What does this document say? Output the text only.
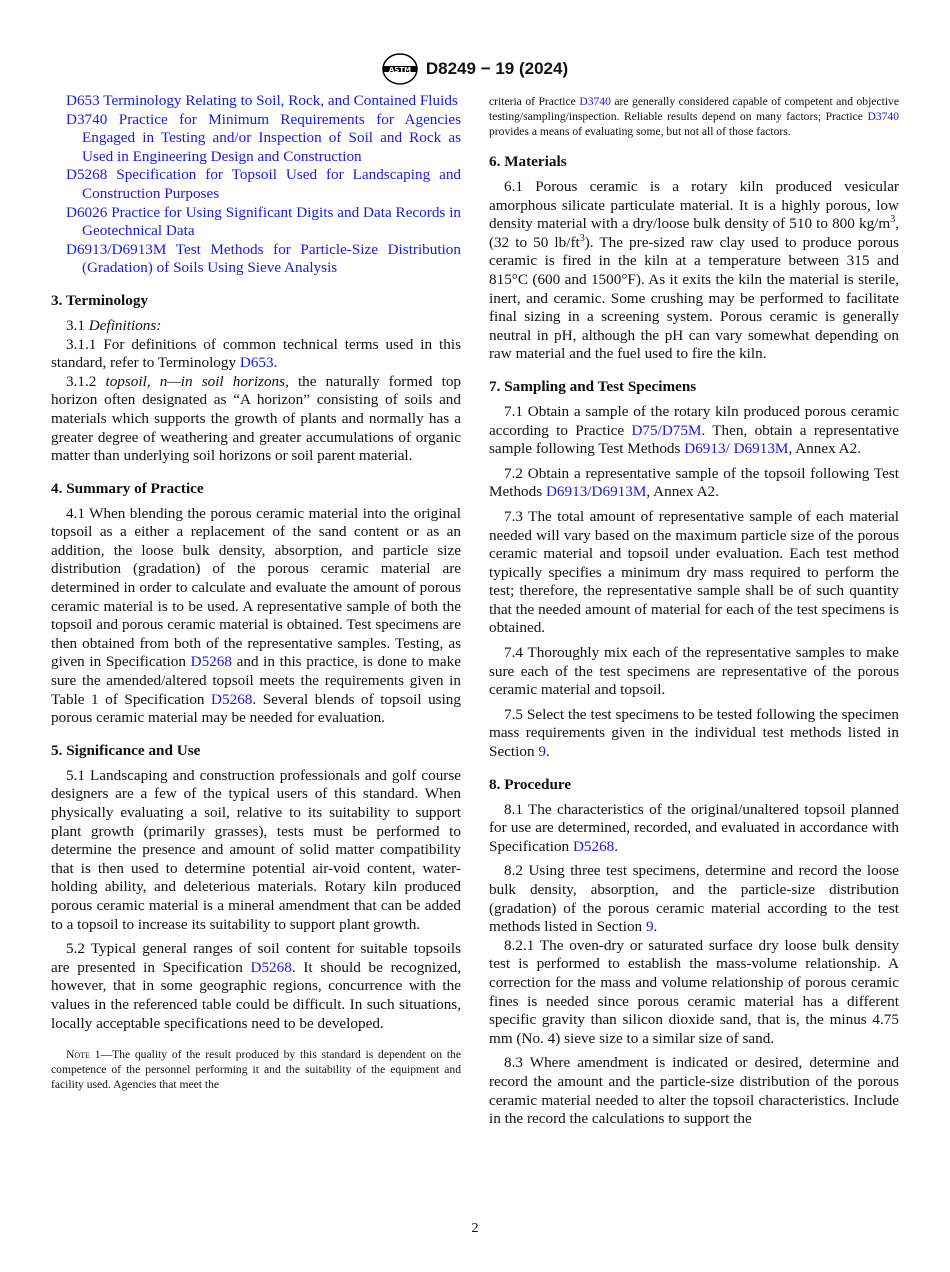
ASTM D8249 − 19 (2024)
D653 Terminology Relating to Soil, Rock, and Contained Fluids
D3740 Practice for Minimum Requirements for Agencies Engaged in Testing and/or Inspection of Soil and Rock as Used in Engineering Design and Construction
D5268 Specification for Topsoil Used for Landscaping and Construction Purposes
D6026 Practice for Using Significant Digits and Data Records in Geotechnical Data
D6913/D6913M Test Methods for Particle-Size Distribution (Gradation) of Soils Using Sieve Analysis
3. Terminology

3.1 Definitions:

3.1.1 For definitions of common technical terms used in this standard, refer to Terminology D653.

3.1.2 topsoil, n—in soil horizons, the naturally formed top horizon often designated as “A horizon” consisting of soils and materials which supports the growth of plants and normally has a greater degree of weathering and greater accumulations of organic matter than underlying soil horizons or soil parent material.

4. Summary of Practice

4.1 When blending the porous ceramic material into the original topsoil as a either a replacement of the sand content or as an addition, the loose bulk density, absorption, and particle size distribution (gradation) of the porous ceramic material are determined in order to calculate and evaluate the amount of porous ceramic material is to be used. A representative sample of both the topsoil and porous ceramic material is obtained. Test specimens are then obtained from both of the representative samples. Testing, as given in Specification D5268 and in this practice, is done to make sure the amended/altered topsoil meets the requirements given in Table 1 of Specification D5268. Several blends of topsoil using porous ceramic material may be needed for evaluation.

5. Significance and Use

5.1 Landscaping and construction professionals and golf course designers are a few of the typical users of this standard. When physically evaluating a soil, relative to its suitability to support plant growth (primarily grasses), tests must be performed to determine the presence and amount of solid matter compatibility that is then used to determine potential air-void content, water-holding ability, and deleterious materials. Rotary kiln produced porous ceramic material is a mineral amendment that can be added to a topsoil to increase its suitability to support plant growth.

5.2 Typical general ranges of soil content for suitable topsoils are presented in Specification D5268. It should be recognized, however, that in some geographic regions, concurrence with the values in the referenced table could be difficult. In such situations, locally acceptable specifications need to be developed.

Note 1—The quality of the result produced by this standard is dependent on the competence of the personnel performing it and the suitability of the equipment and facility used. Agencies that meet the

criteria of Practice D3740 are generally considered capable of competent and objective testing/sampling/inspection. Reliable results depend on many factors; Practice D3740 provides a means of evaluating some, but not all of those factors.

6. Materials

6.1 Porous ceramic is a rotary kiln produced vesicular amorphous silicate particulate material. It is a highly porous, low density material with a dry/loose bulk density of 510 to 800 $kg/m^3$, (32 to 50 $lb/ft^3$). The pre-sized raw clay used to produce porous ceramic is fired in the kiln at a temperature between 315 and 815°C (600 and 1500°F). As it exits the kiln the material is sterile, inert, and ceramic. Some crushing may be performed to facilitate final sizing in a screening system. Porous ceramic is generally neutral in pH, although the pH can vary somewhat depending on raw material and the fuel used to fire the kiln.

7. Sampling and Test Specimens

7.1 Obtain a sample of the rotary kiln produced porous ceramic according to Practice D75/D75M. Then, obtain a representative sample following Test Methods D6913/ D6913M, Annex A2.

7.2 Obtain a representative sample of the topsoil following Test Methods D6913/D6913M, Annex A2.

7.3 The total amount of representative sample of each material needed will vary based on the maximum particle size of the porous ceramic material and topsoil under evaluation. Each test method typically specifies a minimum dry mass required to perform the test; therefore, the representative sample shall be of such quantity that the needed amount of material for each of the test specimens is obtained.

7.4 Thoroughly mix each of the representative samples to make sure each of the test specimens are representative of the porous ceramic material and topsoil.

7.5 Select the test specimens to be tested following the specimen mass requirements given in the individual test methods listed in Section 9.

8. Procedure

8.1 The characteristics of the original/unaltered topsoil planned for use are determined, recorded, and evaluated in accordance with Specification D5268.

8.2 Using three test specimens, determine and record the loose bulk density, absorption, and the particle-size distribution (gradation) of the porous ceramic material according to the test methods listed in Section 9.

8.2.1 The oven-dry or saturated surface dry loose bulk density test is performed to establish the mass-volume relationship. A correction for the mass and volume relationship of porous ceramic fines is needed since porous ceramic material has a different specific gravity than silicon dioxide sand, that is, the minus 4.75 mm (No. 4) sieve size to a similar size of sand.

8.3 Where amendment is indicated or desired, determine and record the amount and the particle-size distribution of the porous ceramic material needed to alter the topsoil characteristics. Include in the record the calculations to support the

2
